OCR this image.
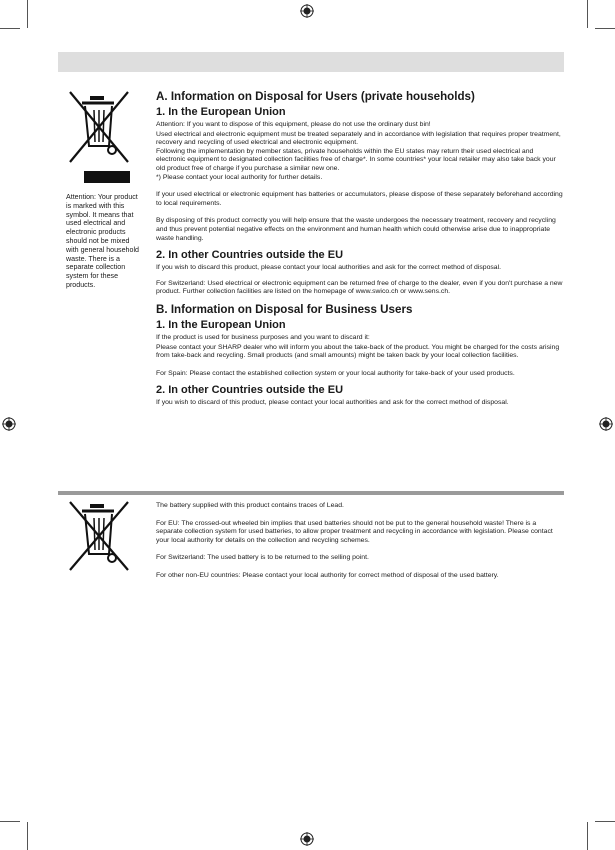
Attention: Your product is marked with this symbol. It means that used electrical and electronic products should not be mixed with general household waste. There is a separate collection system for these products.
A. Information on Disposal for Users (private households)
1. In the European Union

Attention: If you want to dispose of this equipment, please do not use the ordinary dust bin!

Used electrical and electronic equipment must be treated separately and in accordance with legislation that requires proper treatment, recovery and recycling of used electrical and electronic equipment.

Following the implementation by member states, private households within the EU states may return their used electrical and electronic equipment to designated collection facilities free of charge*. In some countries* your local retailer may also take back your old product free of charge if you purchase a similar new one.

*) Please contact your local authority for further details.

If your used electrical or electronic equipment has batteries or accumulators, please dispose of these separately beforehand according to local requirements.

By disposing of this product correctly you will help ensure that the waste undergoes the necessary treatment, recovery and recycling and thus prevent potential negative effects on the environment and human health which could otherwise arise due to inappropriate waste handling.

2. In other Countries outside the EU

If you wish to discard this product, please contact your local authorities and ask for the correct method of disposal.

For Switzerland: Used electrical or electronic equipment can be returned free of charge to the dealer, even if you don't purchase a new product. Further collection facilities are listed on the homepage of www.swico.ch or www.sens.ch.

B. Information on Disposal for Business Users
1. In the European Union

If the product is used for business purposes and you want to discard it:

Please contact your SHARP dealer who will inform you about the take-back of the product. You might be charged for the costs arising from take-back and recycling. Small products (and small amounts) might be taken back by your local collection facilities.

For Spain: Please contact the established collection system or your local authority for take-back of your used products.

2. In other Countries outside the EU

If you wish to discard of this product, please contact your local authorities and ask for the correct method of disposal.

The battery supplied with this product contains traces of Lead.

For EU: The crossed-out wheeled bin implies that used batteries should not be put to the general household waste! There is a separate collection system for used batteries, to allow proper treatment and recycling in accordance with legislation. Please contact your local authority for details on the collection and recycling schemes.

For Switzerland: The used battery is to be returned to the selling point.

For other non-EU countries: Please contact your local authority for correct method of disposal of the used battery.
